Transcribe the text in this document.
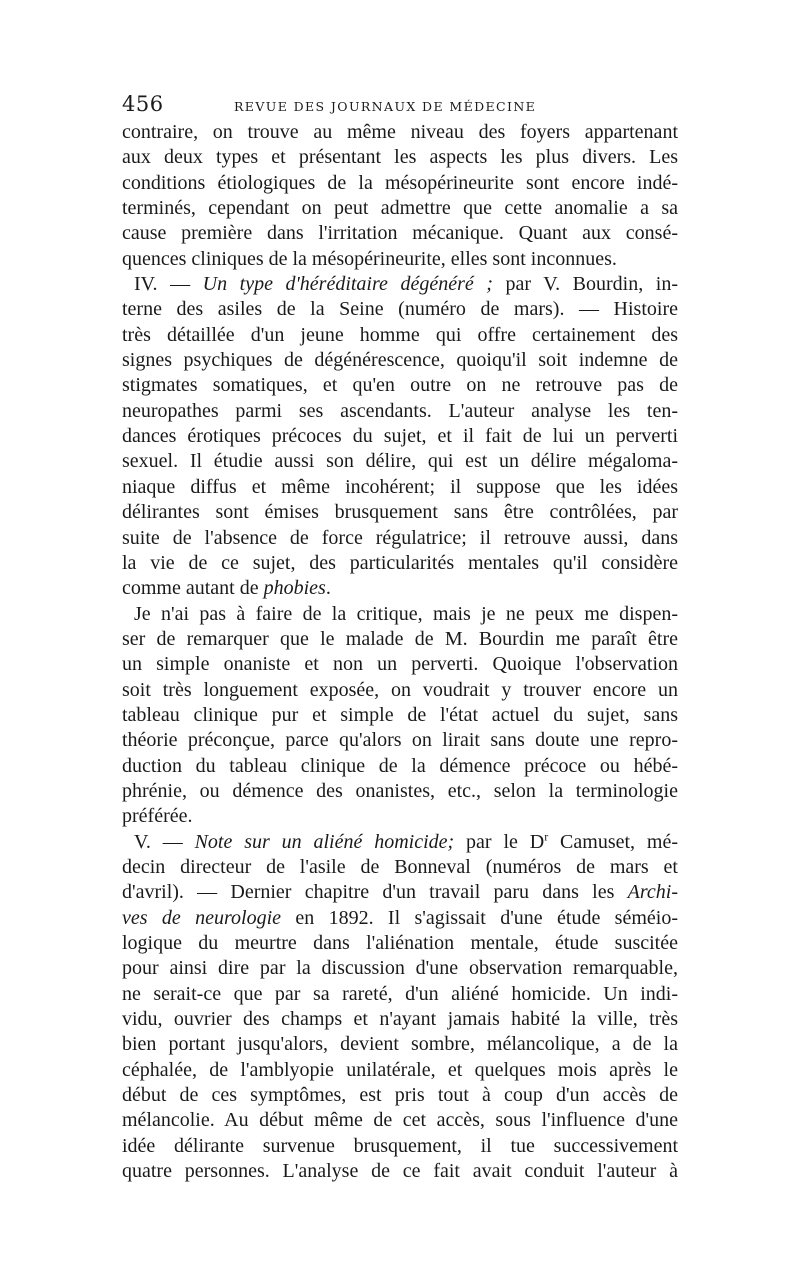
456	REVUE DES JOURNAUX DE MÉDECINE
contraire, on trouve au même niveau des foyers appartenant
aux deux types et présentant les aspects les plus divers. Les
conditions étiologiques de la mésopérineurite sont encore indé-
terminés, cependant on peut admettre que cette anomalie a sa
cause première dans l'irritation mécanique. Quant aux consé-
quences cliniques de la mésopérineurite, elles sont inconnues.
IV. — Un type d'héréditaire dégénéré ; par V. Bourdin, in-
terne des asiles de la Seine (numéro de mars). — Histoire
très détaillée d'un jeune homme qui offre certainement des
signes psychiques de dégénérescence, quoiqu'il soit indemne de
stigmates somatiques, et qu'en outre on ne retrouve pas de
neuropathes parmi ses ascendants. L'auteur analyse les ten-
dances érotiques précoces du sujet, et il fait de lui un perverti
sexuel. Il étudie aussi son délire, qui est un délire mégaloma-
niaque diffus et même incohérent; il suppose que les idées
délirantes sont émises brusquement sans être contrôlées, par
suite de l'absence de force régulatrice; il retrouve aussi, dans
la vie de ce sujet, des particularités mentales qu'il considère
comme autant de phobies.
Je n'ai pas à faire de la critique, mais je ne peux me dispen-
ser de remarquer que le malade de M. Bourdin me paraît être
un simple onaniste et non un perverti. Quoique l'observation
soit très longuement exposée, on voudrait y trouver encore un
tableau clinique pur et simple de l'état actuel du sujet, sans
théorie préconçue, parce qu'alors on lirait sans doute une repro-
duction du tableau clinique de la démence précoce ou hébé-
phrénie, ou démence des onanistes, etc., selon la terminologie
préférée.
V. — Note sur un aliéné homicide; par le $D^r$ Camuset, mé-
decin directeur de l'asile de Bonneval (numéros de mars et
d'avril). — Dernier chapitre d'un travail paru dans les Archi-
ves de neurologie en 1892. Il s'agissait d'une étude séméio-
logique du meurtre dans l'aliénation mentale, étude suscitée
pour ainsi dire par la discussion d'une observation remarquable,
ne serait-ce que par sa rareté, d'un aliéné homicide. Un indi-
vidu, ouvrier des champs et n'ayant jamais habité la ville, très
bien portant jusqu'alors, devient sombre, mélancolique, a de la
céphalée, de l'amblyopie unilatérale, et quelques mois après le
début de ces symptômes, est pris tout à coup d'un accès de
mélancolie. Au début même de cet accès, sous l'influence d'une
idée délirante survenue brusquement, il tue successivement
quatre personnes. L'analyse de ce fait avait conduit l'auteur à
